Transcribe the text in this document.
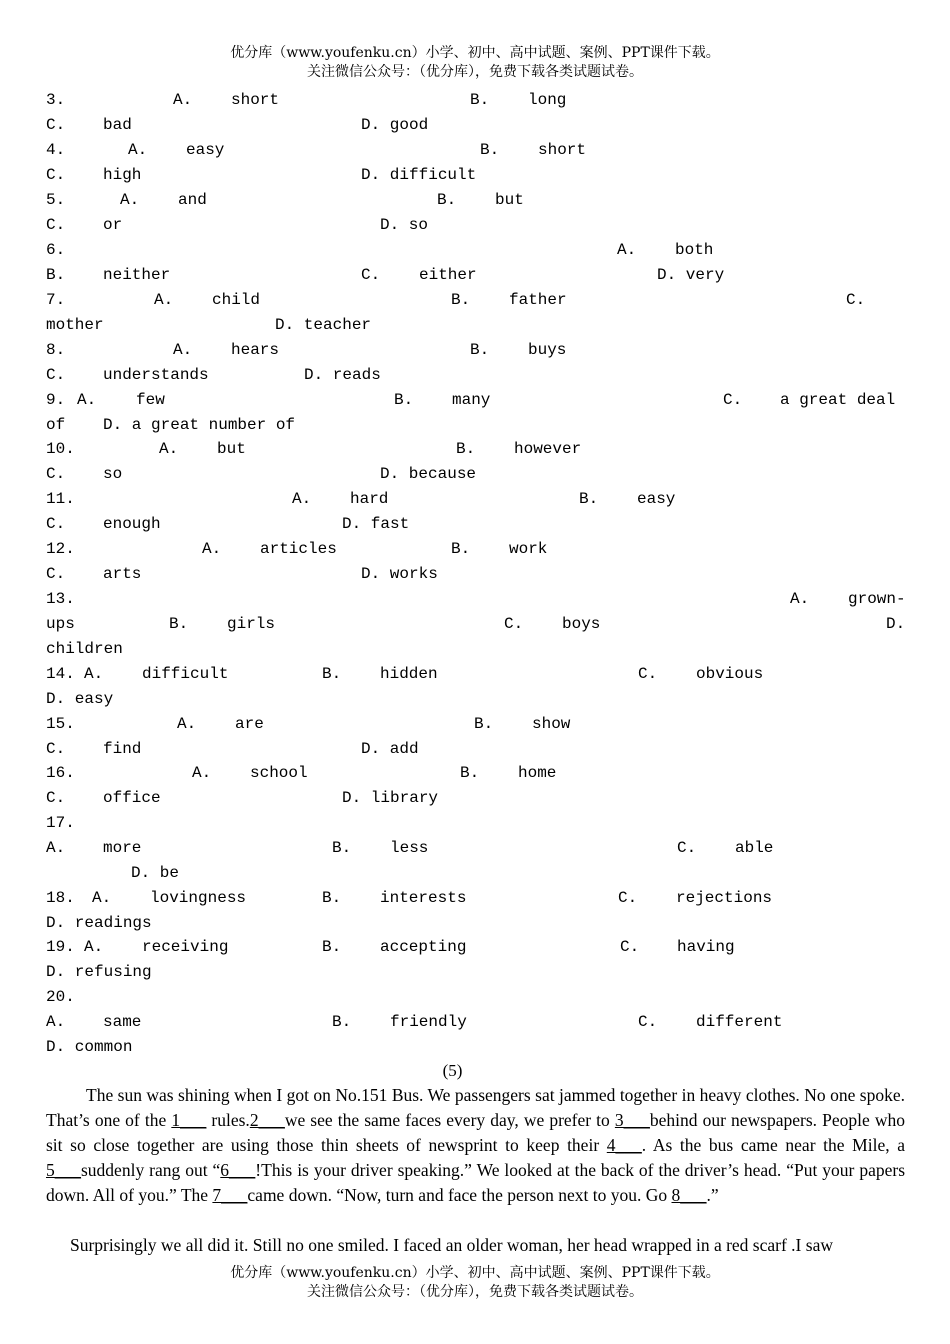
优分库（www.youfenku.cn）小学、初中、高中试题、案例、PPT课件下载。
关注微信公众号：（优分库），免费下载各类试题试卷。
3.	A. short	B. long
C. bad	D. good
4.	A. easy	B. short
C. high	D. difficult
5.	A. and	B. but
C. or	D. so
6.	A. both
B. neither	C. either	D. very
7.	A. child	B. father	C.
mother	D. teacher
8.	A. hears	B. buys
C. understands	D. reads
9. A. few	B. many	C. a great deal
of D. a great number of
10.	A. but	B. however
C. so	D. because
11.	A. hard	B. easy
C. enough	D. fast
12.	A. articles	B. work
C. arts	D. works
13.	A. grown-
ups	B. girls	C. boys	D.
children
14. A. difficult	B. hidden	C. obvious
D. easy
15.	A. are	B. show
C. find	D. add
16.	A. school	B. home
C. office	D. library
17.
A. more	B. less	C. able
D. be
18. A. lovingness	B. interests	C. rejections
D. readings
19. A. receiving	B. accepting	C. having
D. refusing
20.
A. same	B. friendly	C. different
D. common
(5)

The sun was shining when I got on No.151 Bus. We passengers sat jammed together in heavy clothes. No one spoke. That’s one of the 1___ rules.2___we see the same faces every day, we prefer to 3___behind our newspapers. People who sit so close together are using those thin sheets of newsprint to keep their 4___. As the bus came near the Mile, a 5___suddenly rang out “6___!This is your driver speaking.” We looked at the back of the driver’s head. “Put your papers down. All of you.” The 7___came down. “Now, turn and face the person next to you. Go 8___.”

Surprisingly we all did it. Still no one smiled. I faced an older woman, her head wrapped in a red scarf .I saw

优分库（www.youfenku.cn）小学、初中、高中试题、案例、PPT课件下载。
关注微信公众号：（优分库），免费下载各类试题试卷。
